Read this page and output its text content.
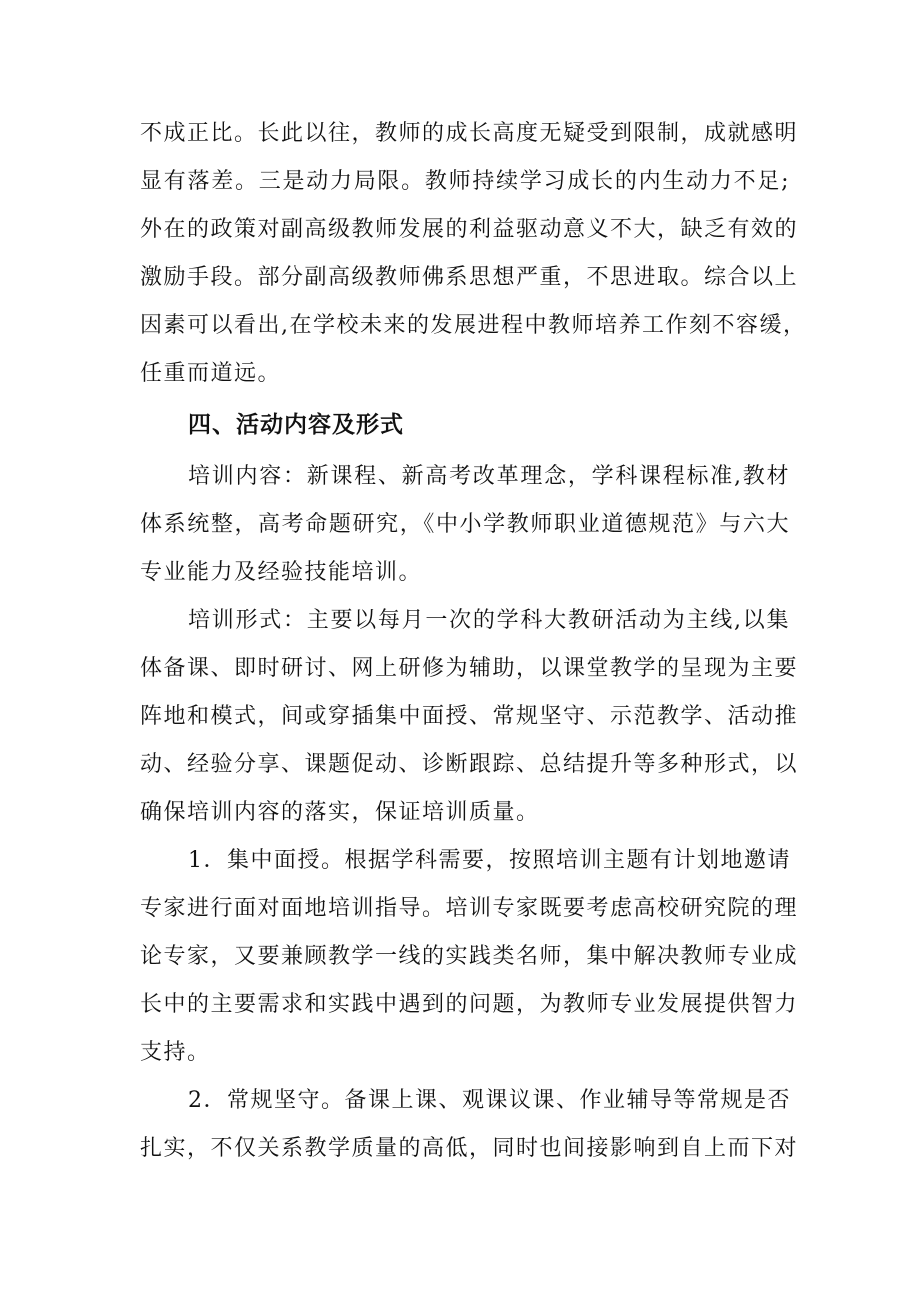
不成正比。长此以往，教师的成长高度无疑受到限制，成就感明
显有落差。三是动力局限。教师持续学习成长的内生动力不足;
外在的政策对副高级教师发展的利益驱动意义不大，缺乏有效的
激励手段。部分副高级教师佛系思想严重，不思进取。综合以上
因素可以看出,在学校未来的发展进程中教师培养工作刻不容缓，
任重而道远。
四、活动内容及形式
培训内容：新课程、新高考改革理念，学科课程标准,教材
体系统整，高考命题研究，《中小学教师职业道德规范》与六大
专业能力及经验技能培训。
培训形式：主要以每月一次的学科大教研活动为主线,以集
体备课、即时研讨、网上研修为辅助，以课堂教学的呈现为主要
阵地和模式，间或穿插集中面授、常规坚守、示范教学、活动推
动、经验分享、课题促动、诊断跟踪、总结提升等多种形式，以
确保培训内容的落实，保证培训质量。
1．集中面授。根据学科需要，按照培训主题有计划地邀请
专家进行面对面地培训指导。培训专家既要考虑高校研究院的理
论专家，又要兼顾教学一线的实践类名师，集中解决教师专业成
长中的主要需求和实践中遇到的问题，为教师专业发展提供智力
支持。
2．常规坚守。备课上课、观课议课、作业辅导等常规是否
扎实，不仅关系教学质量的高低，同时也间接影响到自上而下对
